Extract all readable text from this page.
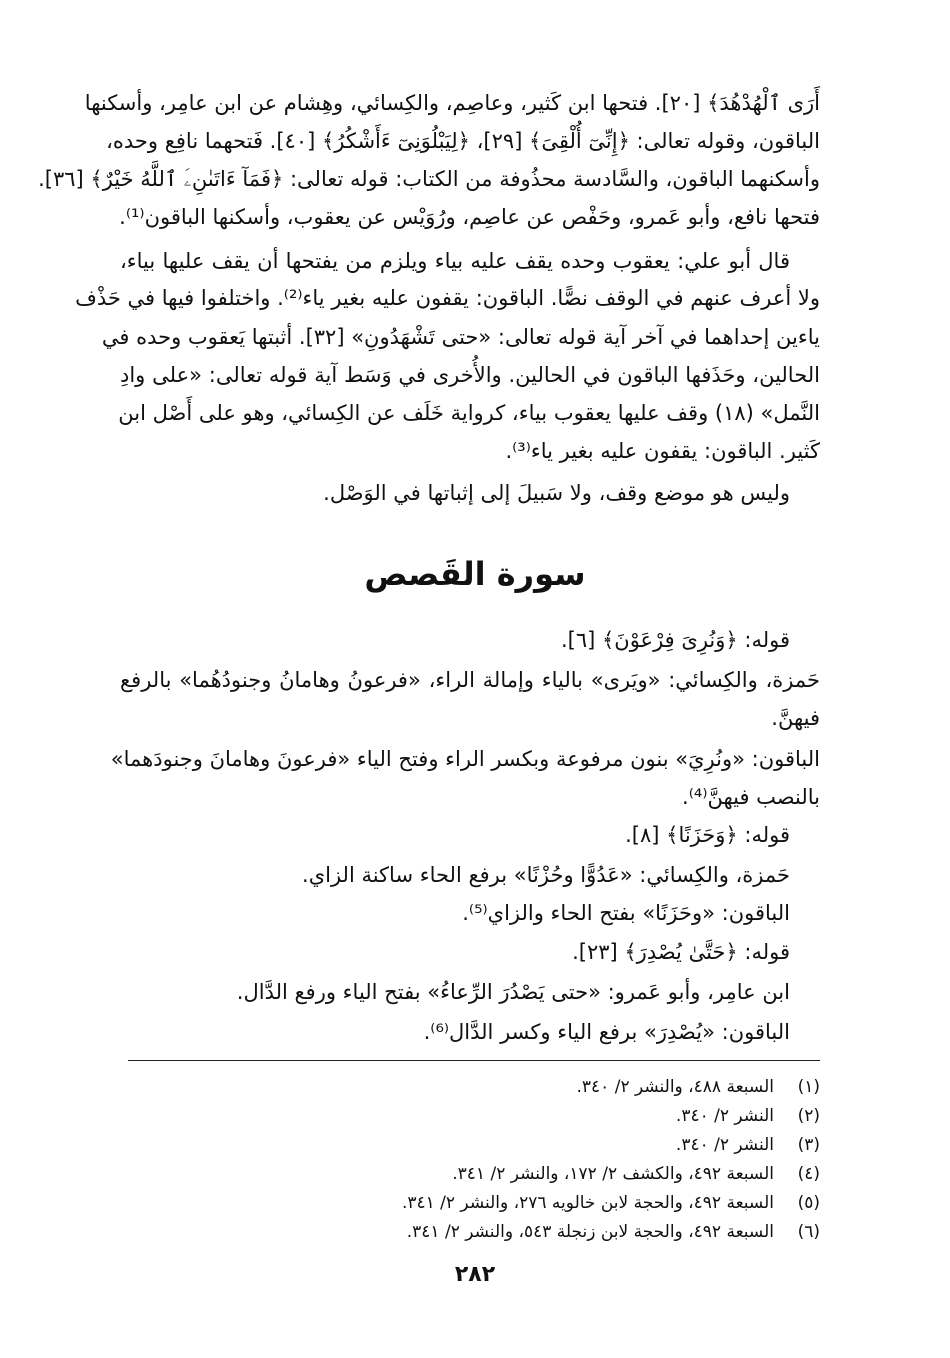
أَرَى ٱلْهُدْهُدَ﴾ [٢٠]. فتحها ابن كَثير، وعاصِم، والكِسائي، وهِشام عن ابن عامِر، وأسكنها
الباقون، وقوله تعالى: ﴿إِنِّىٓ أُلْقِىَ﴾ [٢٩]، ﴿لِيَبْلُوَنِىٓ ءَأَشْكُرُ﴾ [٤٠]. فَتحهما نافِع وحده،
وأسكنهما الباقون، والسَّادسة محذُوفة من الكتاب: قوله تعالى: ﴿فَمَآ ءَاتَىٰنِۦَ ٱللَّهُ خَيْرٌ﴾ [٣٦].
فتحها نافع، وأبو عَمرو، وحَفْص عن عاصِم، ورُوَيْس عن يعقوب، وأسكنها الباقون⁽¹⁾.
قال أبو علي: يعقوب وحده يقف عليه بياء ويلزم من يفتحها أن يقف عليها بياء،
ولا أعرف عنهم في الوقف نصًّا. الباقون: يقفون عليه بغير ياء⁽²⁾. واختلفوا فيها في حَذْف
ياءين إحداهما في آخر آية قوله تعالى: «حتى تَشْهَدُونِ» [٣٢]. أثبتها يَعقوب وحده في
الحالين، وحَذَفها الباقون في الحالين. والأُخرى في وَسَط آية قوله تعالى: «على وادِ
النَّمل» (١٨) وقف عليها يعقوب بياء، كرواية خَلَف عن الكِسائي، وهو على أَصْل ابن
كَثير. الباقون: يقفون عليه بغير ياء⁽³⁾.
وليس هو موضع وقف، ولا سَبيلَ إلى إثباتها في الوَصْل.
سورة القَصص
قوله: ﴿وَنُرِىَ فِرْعَوْنَ﴾ [٦].
حَمزة، والكِسائي: «ويَرى» بالياء وإمالة الراء، «فرعونُ وهامانُ وجنودُهُما» بالرفع
فيهنَّ.
الباقون: «ونُرِيَ» بنون مرفوعة وبكسر الراء وفتح الياء «فرعونَ وهامانَ وجنودَهما»
بالنصب فيهنَّ⁽⁴⁾.
قوله: ﴿وَحَزَنًا﴾ [٨].
حَمزة، والكِسائي: «عَدُوًّا وحُزْنًا» برفع الحاء ساكنة الزاي.
الباقون: «وحَزَنًا» بفتح الحاء والزاي⁽⁵⁾.
قوله: ﴿حَتَّىٰ يُصْدِرَ﴾ [٢٣].
ابن عامِر، وأبو عَمرو: «حتى يَصْدُرَ الرِّعاءُ» بفتح الياء ورفع الدَّال.
الباقون: «يُصْدِرَ» برفع الياء وكسر الدَّال⁽⁶⁾.
(١)السبعة ٤٨٨، والنشر ٢/ ٣٤٠.
(٢)النشر ٢/ ٣٤٠.
(٣)النشر ٢/ ٣٤٠.
(٤)السبعة ٤٩٢، والكشف ٢/ ١٧٢، والنشر ٢/ ٣٤١.
(٥)السبعة ٤٩٢، والحجة لابن خالويه ٢٧٦، والنشر ٢/ ٣٤١.
(٦)السبعة ٤٩٢، والحجة لابن زنجلة ٥٤٣، والنشر ٢/ ٣٤١.
٢٨٢
